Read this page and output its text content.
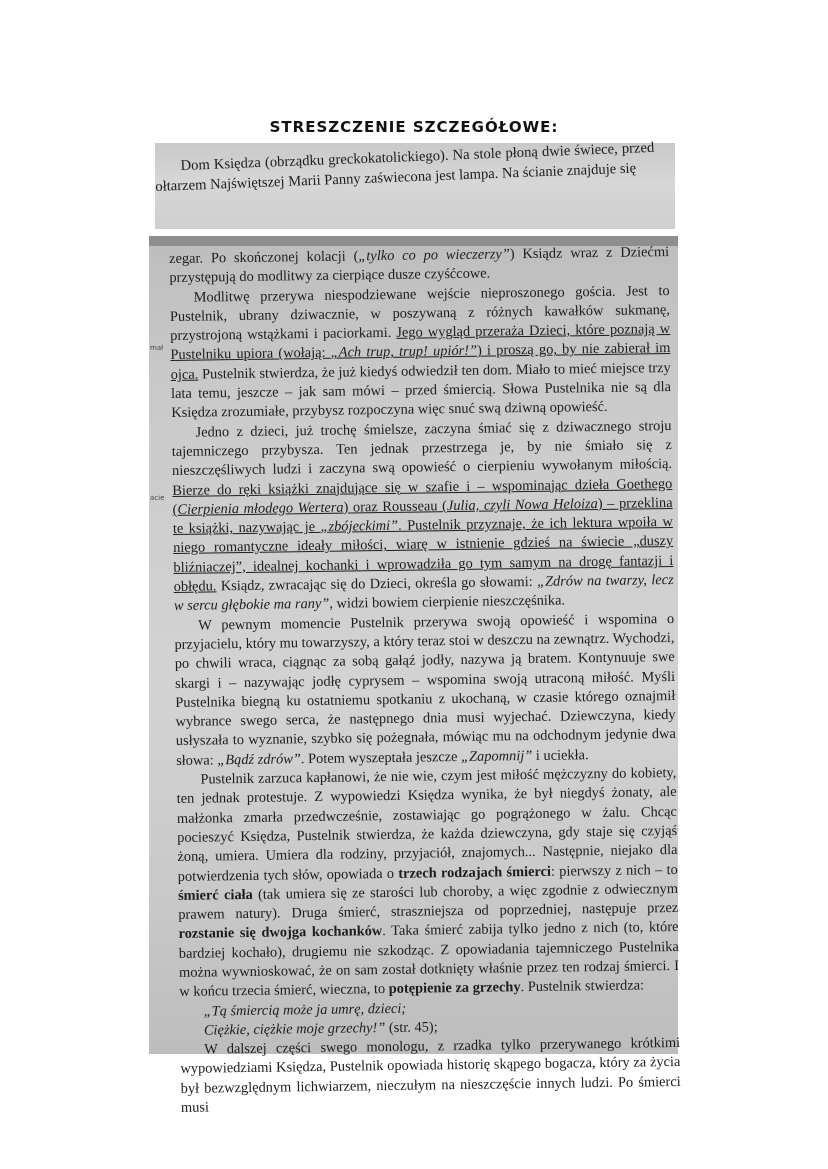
STRESZCZENIE SZCZEGÓŁOWE:
Dom Księdza (obrządku greckokatolickiego). Na stole płoną dwie świece, przed ołtarzem Najświętszej Marii Panny zaświecona jest lampa. Na ścianie znajduje się
mał
acie

zegar. Po skończonej kolacji („tylko co po wieczerzy”) Ksiądz wraz z Dziećmi przystępują do modlitwy za cierpiące dusze czyśćcowe.

Modlitwę przerywa niespodziewane wejście nieproszonego gościa. Jest to Pustelnik, ubrany dziwacznie, w poszywaną z różnych kawałków sukmanę, przystrojoną wstążkami i paciorkami. Jego wygląd przeraża Dzieci, które poznają w Pustelniku upiora (wołają: „Ach trup, trup! upiór!”) i proszą go, by nie zabierał im ojca. Pustelnik stwierdza, że już kiedyś odwiedził ten dom. Miało to mieć miejsce trzy lata temu, jeszcze – jak sam mówi – przed śmiercią. Słowa Pustelnika nie są dla Księdza zrozumiałe, przybysz rozpoczyna więc snuć swą dziwną opowieść.

Jedno z dzieci, już trochę śmielsze, zaczyna śmiać się z dziwacznego stroju tajemniczego przybysza. Ten jednak przestrzega je, by nie śmiało się z nieszczęśliwych ludzi i zaczyna swą opowieść o cierpieniu wywołanym miłością. Bierze do ręki książki znajdujące się w szafie i – wspominając dzieła Goethego (Cierpienia młodego Wertera) oraz Rousseau (Julia, czyli Nowa Heloiza) – przeklina te książki, nazywając je „zbójeckimi”. Pustelnik przyznaje, że ich lektura wpoiła w niego romantyczne ideały miłości, wiarę w istnienie gdzieś na świecie „duszy bliźniaczej”, idealnej kochanki i wprowadziła go tym samym na drogę fantazji i obłędu. Ksiądz, zwracając się do Dzieci, określa go słowami: „Zdrów na twarzy, lecz w sercu głębokie ma rany”, widzi bowiem cierpienie nieszczęśnika.

W pewnym momencie Pustelnik przerywa swoją opowieść i wspomina o przyjacielu, który mu towarzyszy, a który teraz stoi w deszczu na zewnątrz. Wychodzi, po chwili wraca, ciągnąc za sobą gałąź jodły, nazywa ją bratem. Kontynuuje swe skargi i – nazywając jodłę cyprysem – wspomina swoją utraconą miłość. Myśli Pustelnika biegną ku ostatniemu spotkaniu z ukochaną, w czasie którego oznajmił wybrance swego serca, że następnego dnia musi wyjechać. Dziewczyna, kiedy usłyszała to wyznanie, szybko się pożegnała, mówiąc mu na odchodnym jedynie dwa słowa: „Bądź zdrów”. Potem wyszeptała jeszcze „Zapomnij” i uciekła.

Pustelnik zarzuca kapłanowi, że nie wie, czym jest miłość mężczyzny do kobiety, ten jednak protestuje. Z wypowiedzi Księdza wynika, że był niegdyś żonaty, ale małżonka zmarła przedwcześnie, zostawiając go pogrążonego w żalu. Chcąc pocieszyć Księdza, Pustelnik stwierdza, że każda dziewczyna, gdy staje się czyjąś żoną, umiera. Umiera dla rodziny, przyjaciół, znajomych... Następnie, niejako dla potwierdzenia tych słów, opowiada o trzech rodzajach śmierci: pierwszy z nich – to śmierć ciała (tak umiera się ze starości lub choroby, a więc zgodnie z odwiecznym prawem natury). Druga śmierć, straszniejsza od poprzedniej, następuje przez rozstanie się dwojga kochanków. Taka śmierć zabija tylko jedno z nich (to, które bardziej kochało), drugiemu nie szkodząc. Z opowiadania tajemniczego Pustelnika można wywnioskować, że on sam został dotknięty właśnie przez ten rodzaj śmierci. I w końcu trzecia śmierć, wieczna, to potępienie za grzechy. Pustelnik stwierdza:

„Tą śmiercią może ja umrę, dzieci;

Ciężkie, ciężkie moje grzechy!” (str. 45);

W dalszej części swego monologu, z rzadka tylko przerywanego krótkimi wypowiedziami Księdza, Pustelnik opowiada historię skąpego bogacza, który za życia był bezwzględnym lichwiarzem, nieczułym na nieszczęście innych ludzi. Po śmierci musi
